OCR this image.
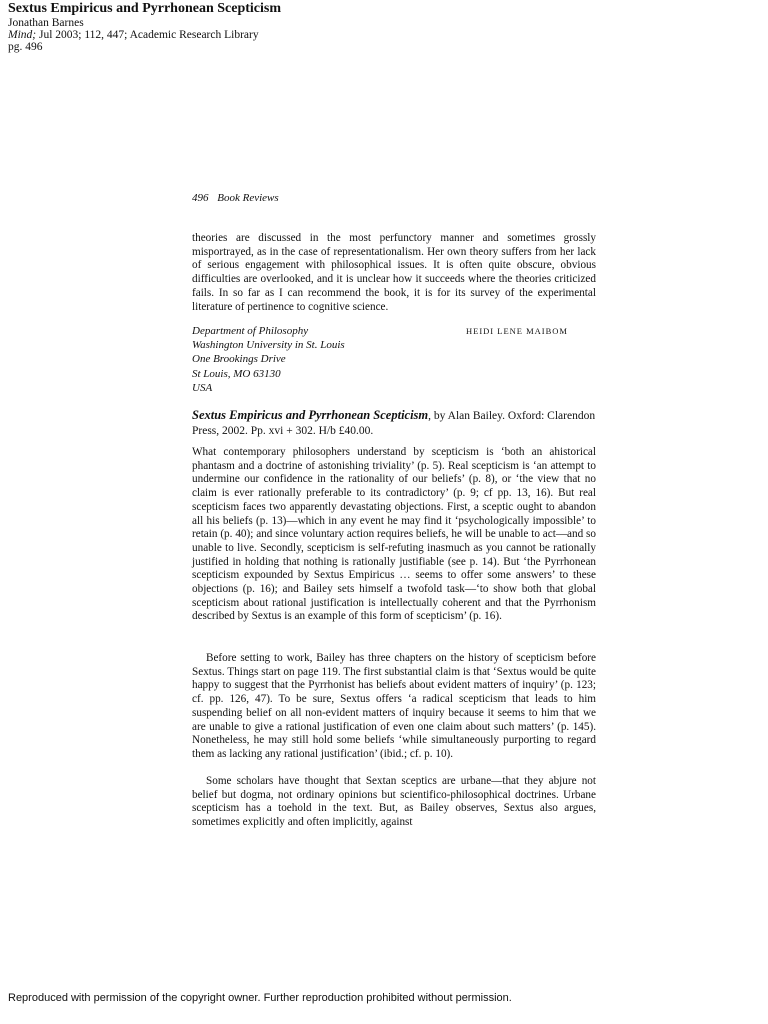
Sextus Empiricus and Pyrrhonean Scepticism
Jonathan Barnes
Mind; Jul 2003; 112, 447; Academic Research Library
pg. 496
496 Book Reviews

theories are discussed in the most perfunctory manner and sometimes grossly misportrayed, as in the case of representationalism. Her own theory suffers from her lack of serious engagement with philosophical issues. It is often quite obscure, obvious difficulties are overlooked, and it is unclear how it succeeds where the theories criticized fails. In so far as I can recommend the book, it is for its survey of the experimental literature of pertinence to cognitive science.

Department of Philosophy
Washington University in St. Louis
One Brookings Drive
St Louis, MO 63130
USA
HEIDI LENE MAIBOM
Sextus Empiricus and Pyrrhonean Scepticism, by Alan Bailey. Oxford: Clarendon Press, 2002. Pp. xvi + 302. H/b £40.00.

What contemporary philosophers understand by scepticism is ‘both an ahistorical phantasm and a doctrine of astonishing triviality’ (p. 5). Real scepticism is ‘an attempt to undermine our confidence in the rationality of our beliefs’ (p. 8), or ‘the view that no claim is ever rationally preferable to its contradictory’ (p. 9; cf pp. 13, 16). But real scepticism faces two apparently devastating objections. First, a sceptic ought to abandon all his beliefs (p. 13)—which in any event he may find it ‘psychologically impossible’ to retain (p. 40); and since voluntary action requires beliefs, he will be unable to act—and so unable to live. Secondly, scepticism is self-refuting inasmuch as you cannot be rationally justified in holding that nothing is rationally justifiable (see p. 14). But ‘the Pyrrhonean scepticism expounded by Sextus Empiricus … seems to offer some answers’ to these objections (p. 16); and Bailey sets himself a twofold task—‘to show both that global scepticism about rational justification is intellectually coherent and that the Pyrrhonism described by Sextus is an example of this form of scepticism’ (p. 16).

Before setting to work, Bailey has three chapters on the history of scepticism before Sextus. Things start on page 119. The first substantial claim is that ‘Sextus would be quite happy to suggest that the Pyrrhonist has beliefs about evident matters of inquiry’ (p. 123; cf. pp. 126, 47). To be sure, Sextus offers ‘a radical scepticism that leads to him suspending belief on all non-evident matters of inquiry because it seems to him that we are unable to give a rational justification of even one claim about such matters’ (p. 145). Nonetheless, he may still hold some beliefs ‘while simultaneously purporting to regard them as lacking any rational justification’ (ibid.; cf. p. 10).

Some scholars have thought that Sextan sceptics are urbane—that they abjure not belief but dogma, not ordinary opinions but scientifico-philosophical doctrines. Urbane scepticism has a toehold in the text. But, as Bailey observes, Sextus also argues, sometimes explicitly and often implicitly, against

Reproduced with permission of the copyright owner. Further reproduction prohibited without permission.
